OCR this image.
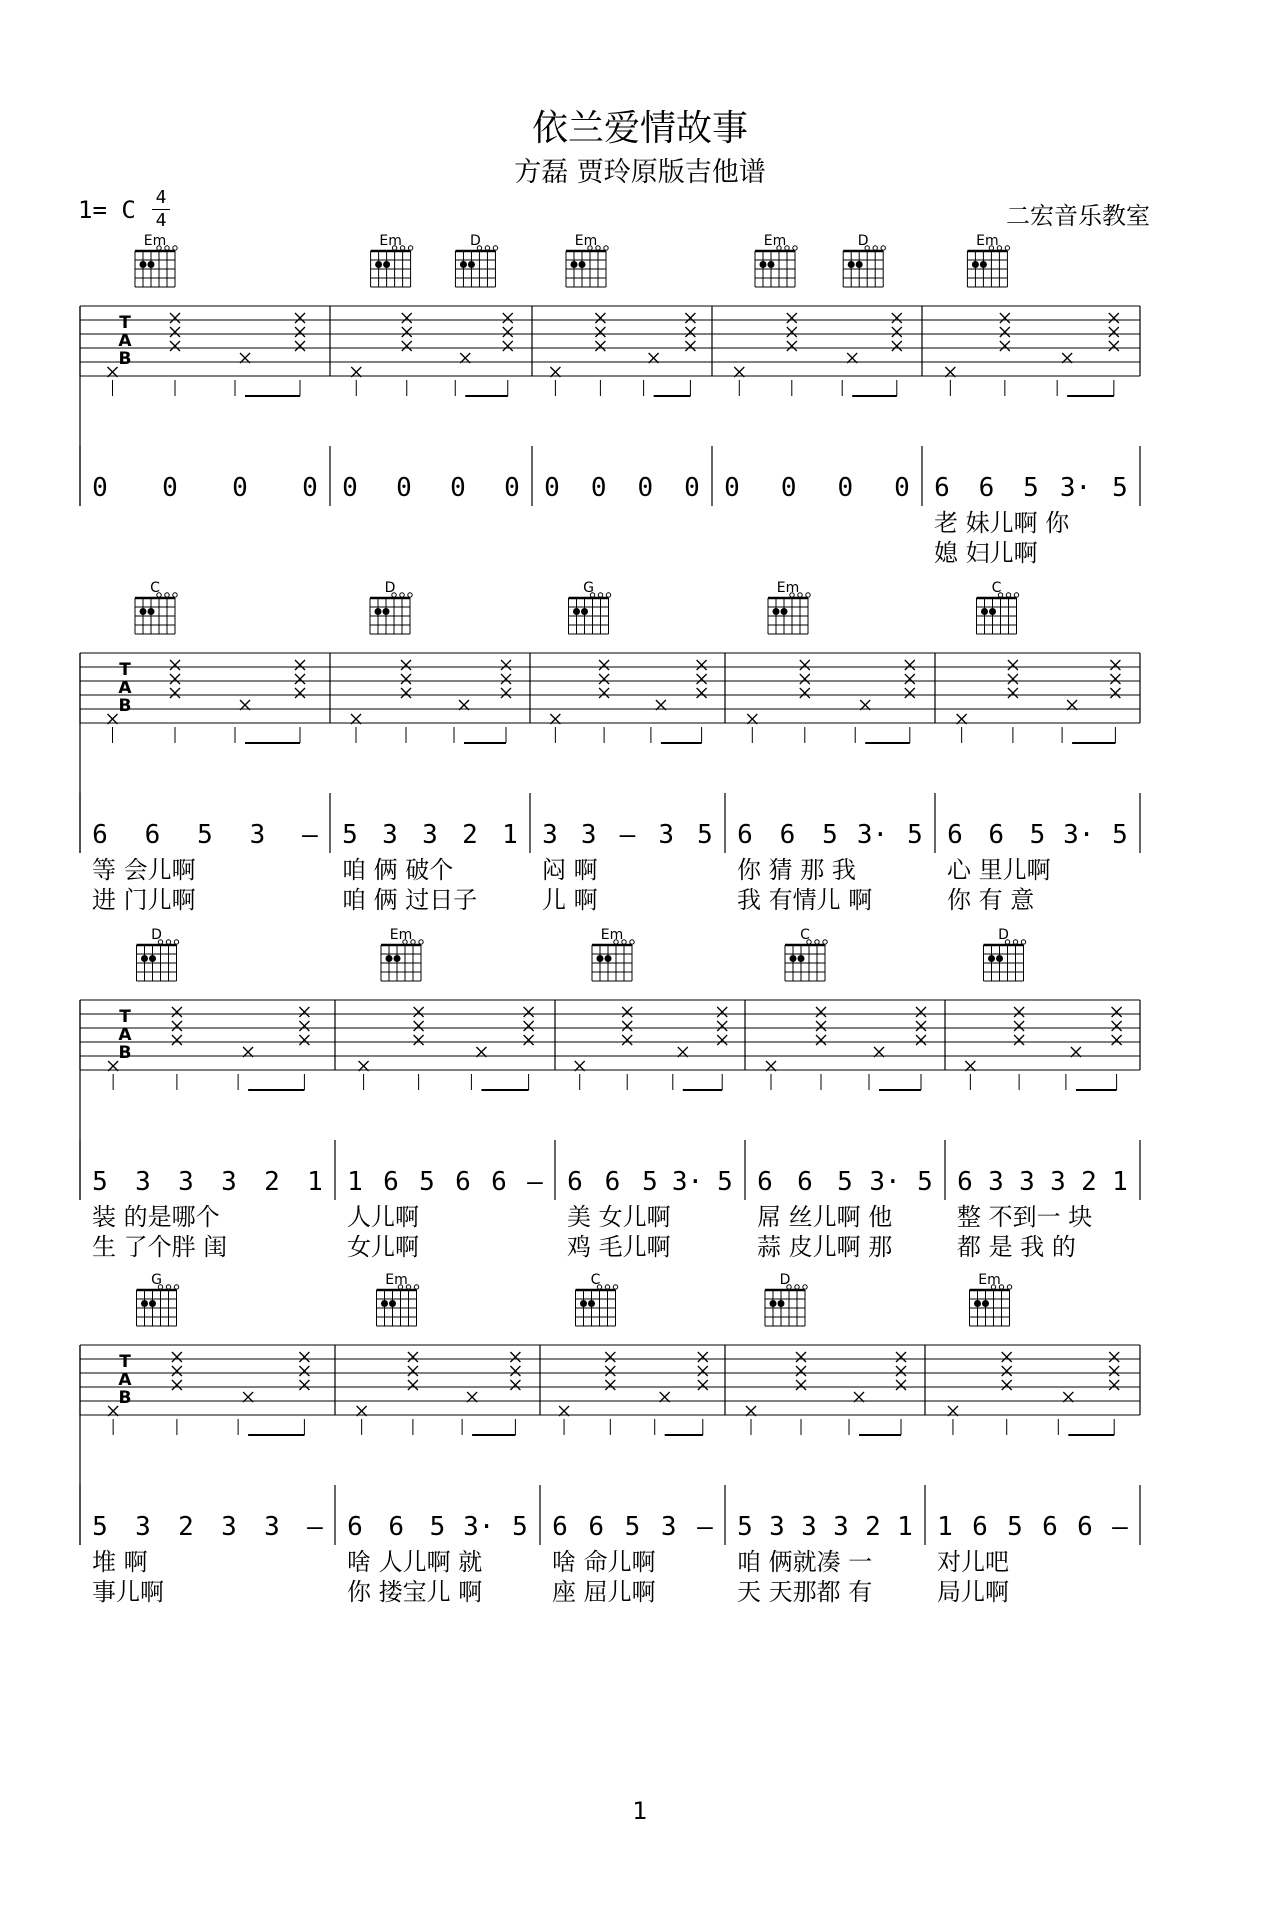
依兰爱情故事
方磊 贾玲原版吉他谱
1= C	4
4	二宏音乐教室
T
A
B
Em
0 0 0 0
Em	D
0 0 0 0
Em
0 0 0 0
Em	D
0 0 0 0
Em
6 6 5 3· 5
老 妹儿啊 你
媳 妇儿啊
T
A
B
C
6 6 5 3 —
等 会儿啊
进 门儿啊
D
5 3 3 2 1
咱 俩 破个
咱 俩 过日子
G
3 3 — 3 5
闷 啊
儿 啊
Em
6 6 5 3· 5
你 猜 那 我
我 有情儿 啊
C
6 6 5 3· 5
心 里儿啊
你 有 意
T
A
B
D
5 3 3 3 2 1
装 的是哪个
生 了个胖 闺
Em
1 6 5 6 6 —
人儿啊
女儿啊
Em
6 6 5 3· 5
美 女儿啊
鸡 毛儿啊
C
6 6 5 3· 5
屌 丝儿啊 他
蒜 皮儿啊 那
D
6 3 3 3 2 1
整 不到一 块
都 是 我 的
T
A
B
G
5 3 2 3 3 —
堆 啊
事儿啊
Em
6 6 5 3· 5
啥 人儿啊 就
你 搂宝儿 啊
C
6 6 5 3 —
啥 命儿啊
座 屈儿啊
D
5 3 3 3 2 1
咱 俩就凑 一
天 天那都 有
Em
1 6 5 6 6 —
对儿吧
局儿啊
1
